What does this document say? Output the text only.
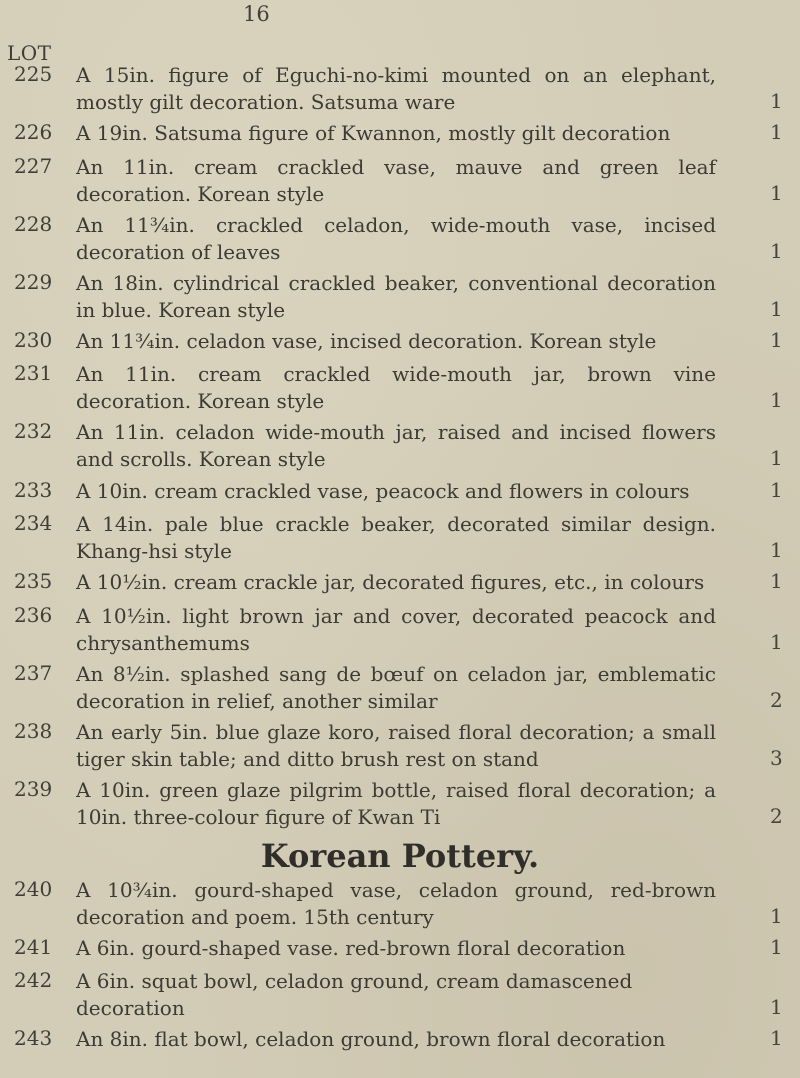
16
LOT
225 A 15in. figure of Eguchi-no-kimi mounted on an elephant, mostly gilt decoration. Satsuma ware	1
226 A 19in. Satsuma figure of Kwannon, mostly gilt decoration	1
227 An 11in. cream crackled vase, mauve and green leaf decoration. Korean style	1
228 An 11¾in. crackled celadon, wide-mouth vase, incised decoration of leaves	1
229 An 18in. cylindrical crackled beaker, conventional decoration in blue. Korean style	1
230 An 11¾in. celadon vase, incised decoration. Korean style	1
231 An 11in. cream crackled wide-mouth jar, brown vine decoration. Korean style	1
232 An 11in. celadon wide-mouth jar, raised and incised flowers and scrolls. Korean style	1
233 A 10in. cream crackled vase, peacock and flowers in colours	1
234 A 14in. pale blue crackle beaker, decorated similar design. Khang-hsi style	1
235 A 10½in. cream crackle jar, decorated figures, etc., in colours	1
236 A 10½in. light brown jar and cover, decorated peacock and chrysanthemums	1
237 An 8½in. splashed sang de bœuf on celadon jar, emblematic decoration in relief, another similar	2
238 An early 5in. blue glaze koro, raised floral decoration; a small tiger skin table; and ditto brush rest on stand	3
239 A 10in. green glaze pilgrim bottle, raised floral decoration; a 10in. three-colour figure of Kwan Ti	2
Korean Pottery.
240 A 10¾in. gourd-shaped vase, celadon ground, red-brown decoration and poem. 15th century	1
241 A 6in. gourd-shaped vase. red-brown floral decoration	1
242 A 6in. squat bowl, celadon ground, cream damascened decoration	1
243 An 8in. flat bowl, celadon ground, brown floral decoration	1
